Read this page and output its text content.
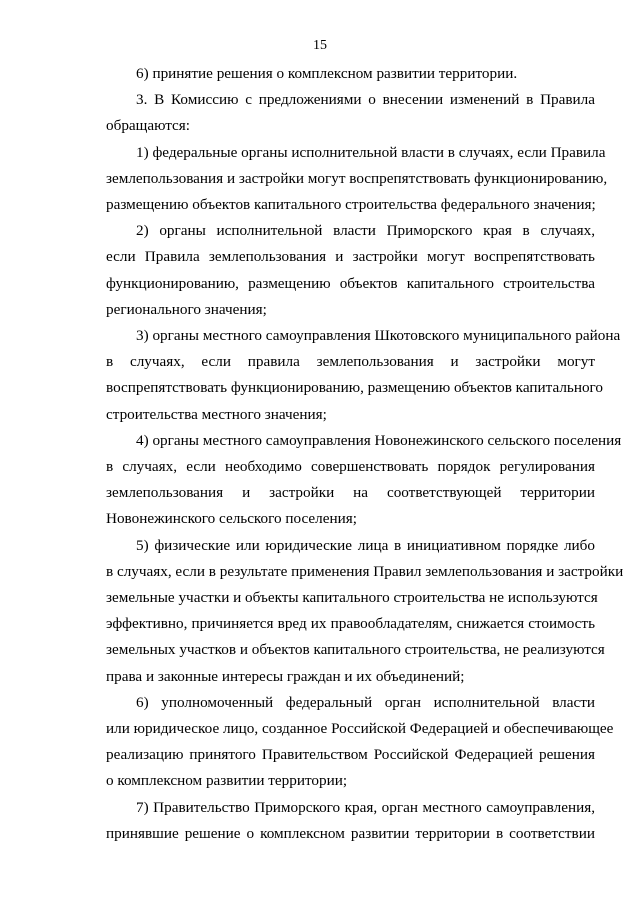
15
6) принятие решения о комплексном развитии территории.
3. В Комиссию с предложениями о внесении изменений в Правила
обращаются:
1) федеральные органы исполнительной власти в случаях, если Правила
землепользования и застройки могут воспрепятствовать функционированию,
размещению объектов капитального строительства федерального значения;
2) органы исполнительной власти Приморского края в случаях,
если Правила землепользования и застройки могут воспрепятствовать
функционированию, размещению объектов капитального строительства
регионального значения;
3) органы местного самоуправления Шкотовского муниципального района
в случаях, если правила землепользования и застройки могут
воспрепятствовать функционированию, размещению объектов капитального
строительства местного значения;
4) органы местного самоуправления Новонежинского сельского поселения
в случаях, если необходимо совершенствовать порядок регулирования
землепользования и застройки на соответствующей территории
Новонежинского сельского поселения;
5) физические или юридические лица в инициативном порядке либо
в случаях, если в результате применения Правил землепользования и застройки
земельные участки и объекты капитального строительства не используются
эффективно, причиняется вред их правообладателям, снижается стоимость
земельных участков и объектов капитального строительства, не реализуются
права и законные интересы граждан и их объединений;
6) уполномоченный федеральный орган исполнительной власти
или юридическое лицо, созданное Российской Федерацией и обеспечивающее
реализацию принятого Правительством Российской Федерацией решения
о комплексном развитии территории;
7) Правительство Приморского края, орган местного самоуправления,
принявшие решение о комплексном развитии территории в соответствии
